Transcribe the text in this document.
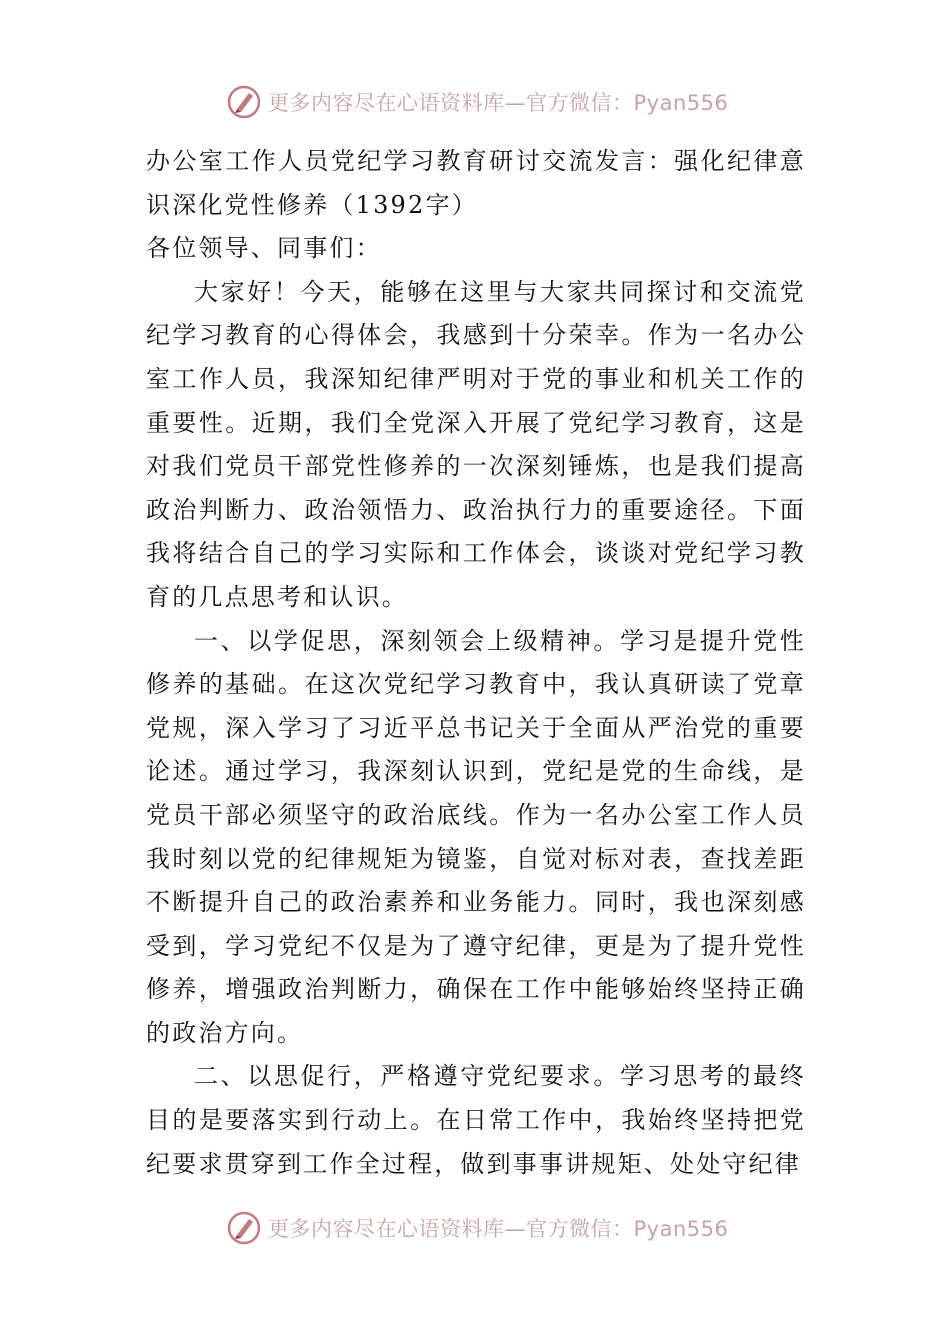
更多内容尽在心语资料库—官方微信：Pyan556

办公室工作人员党纪学习教育研讨交流发言：强化纪律意识深化党性修养（1392字）

各位领导、同事们：

大家好！今天，能够在这里与大家共同探讨和交流党纪学习教育的心得体会，我感到十分荣幸。作为一名办公室工作人员，我深知纪律严明对于党的事业和机关工作的重要性。近期，我们全党深入开展了党纪学习教育，这是对我们党员干部党性修养的一次深刻锤炼，也是我们提高政治判断力、政治领悟力、政治执行力的重要途径。下面我将结合自己的学习实际和工作体会，谈谈对党纪学习教育的几点思考和认识。

一、以学促思，深刻领会上级精神。学习是提升党性修养的基础。在这次党纪学习教育中，我认真研读了党章党规，深入学习了习近平总书记关于全面从严治党的重要论述。通过学习，我深刻认识到，党纪是党的生命线，是党员干部必须坚守的政治底线。作为一名办公室工作人员我时刻以党的纪律规矩为镜鉴，自觉对标对表，查找差距不断提升自己的政治素养和业务能力。同时，我也深刻感受到，学习党纪不仅是为了遵守纪律，更是为了提升党性修养，增强政治判断力，确保在工作中能够始终坚持正确的政治方向。

二、以思促行，严格遵守党纪要求。学习思考的最终目的是要落实到行动上。在日常工作中，我始终坚持把党纪要求贯穿到工作全过程，做到事事讲规矩、处处守纪律

更多内容尽在心语资料库—官方微信：Pyan556
